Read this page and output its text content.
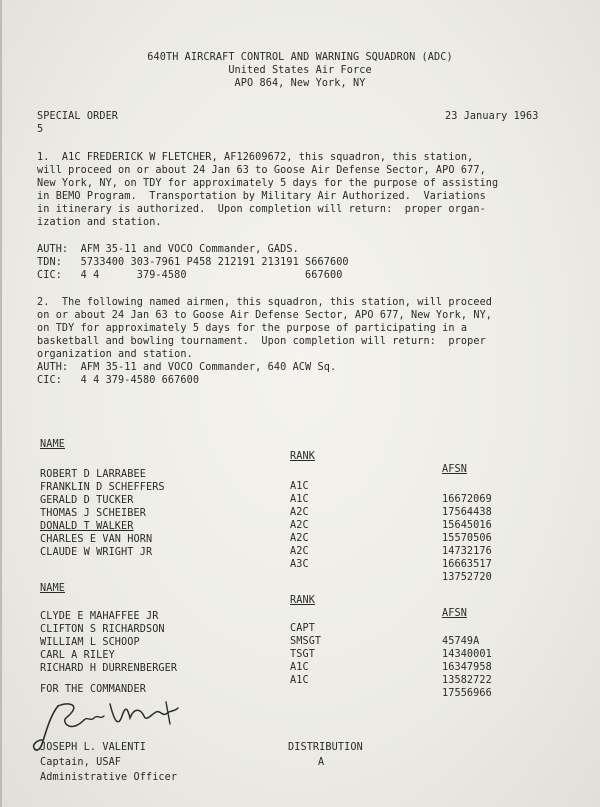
640TH AIRCRAFT CONTROL AND WARNING SQUADRON (ADC)
United States Air Force
APO 864, New York, NY
SPECIAL ORDER
5
23 January 1963
1.  A1C FREDERICK W FLETCHER, AF12609672, this squadron, this station,
will proceed on or about 24 Jan 63 to Goose Air Defense Sector, APO 677,
New York, NY, on TDY for approximately 5 days for the purpose of assisting
in BEMO Program.  Transportation by Military Air Authorized.  Variations
in itinerary is authorized.  Upon completion will return:  proper organ-
ization and station.
AUTH:  AFM 35-11 and VOCO Commander, GADS.
TDN:   5733400 303-7961 P458 212191 213191 S667600
CIC:   4 4      379-4580                   667600
2.  The following named airmen, this squadron, this station, will proceed
on or about 24 Jan 63 to Goose Air Defense Sector, APO 677, New York, NY,
on TDY for approximately 5 days for the purpose of participating in a
basketball and bowling tournament.  Upon completion will return:  proper
organization and station.
AUTH:  AFM 35-11 and VOCO Commander, 640 ACW Sq.
CIC:   4 4 379-4580 667600

NAME

RANK

AFSN

ROBERT D LARRABEE

A1C

16672069

FRANKLIN D SCHEFFERS

A1C

17564438

GERALD D TUCKER

A2C

15645016

THOMAS J SCHEIBER

A2C

15570506

DONALD T WALKER

A2C

14732176

CHARLES E VAN HORN

A2C

16663517

CLAUDE W WRIGHT JR

A3C

13752720

NAME

RANK

AFSN

CLYDE E MAHAFFEE JR

CAPT

45749A

CLIFTON S RICHARDSON

SMSGT

14340001

WILLIAM L SCHOOP

TSGT

16347958

CARL A RILEY

A1C

13582722

RICHARD H DURRENBERGER

A1C

17556966

FOR THE COMMANDER
JOSEPH L. VALENTI
Captain, USAF
Administrative Officer
DISTRIBUTION
A
